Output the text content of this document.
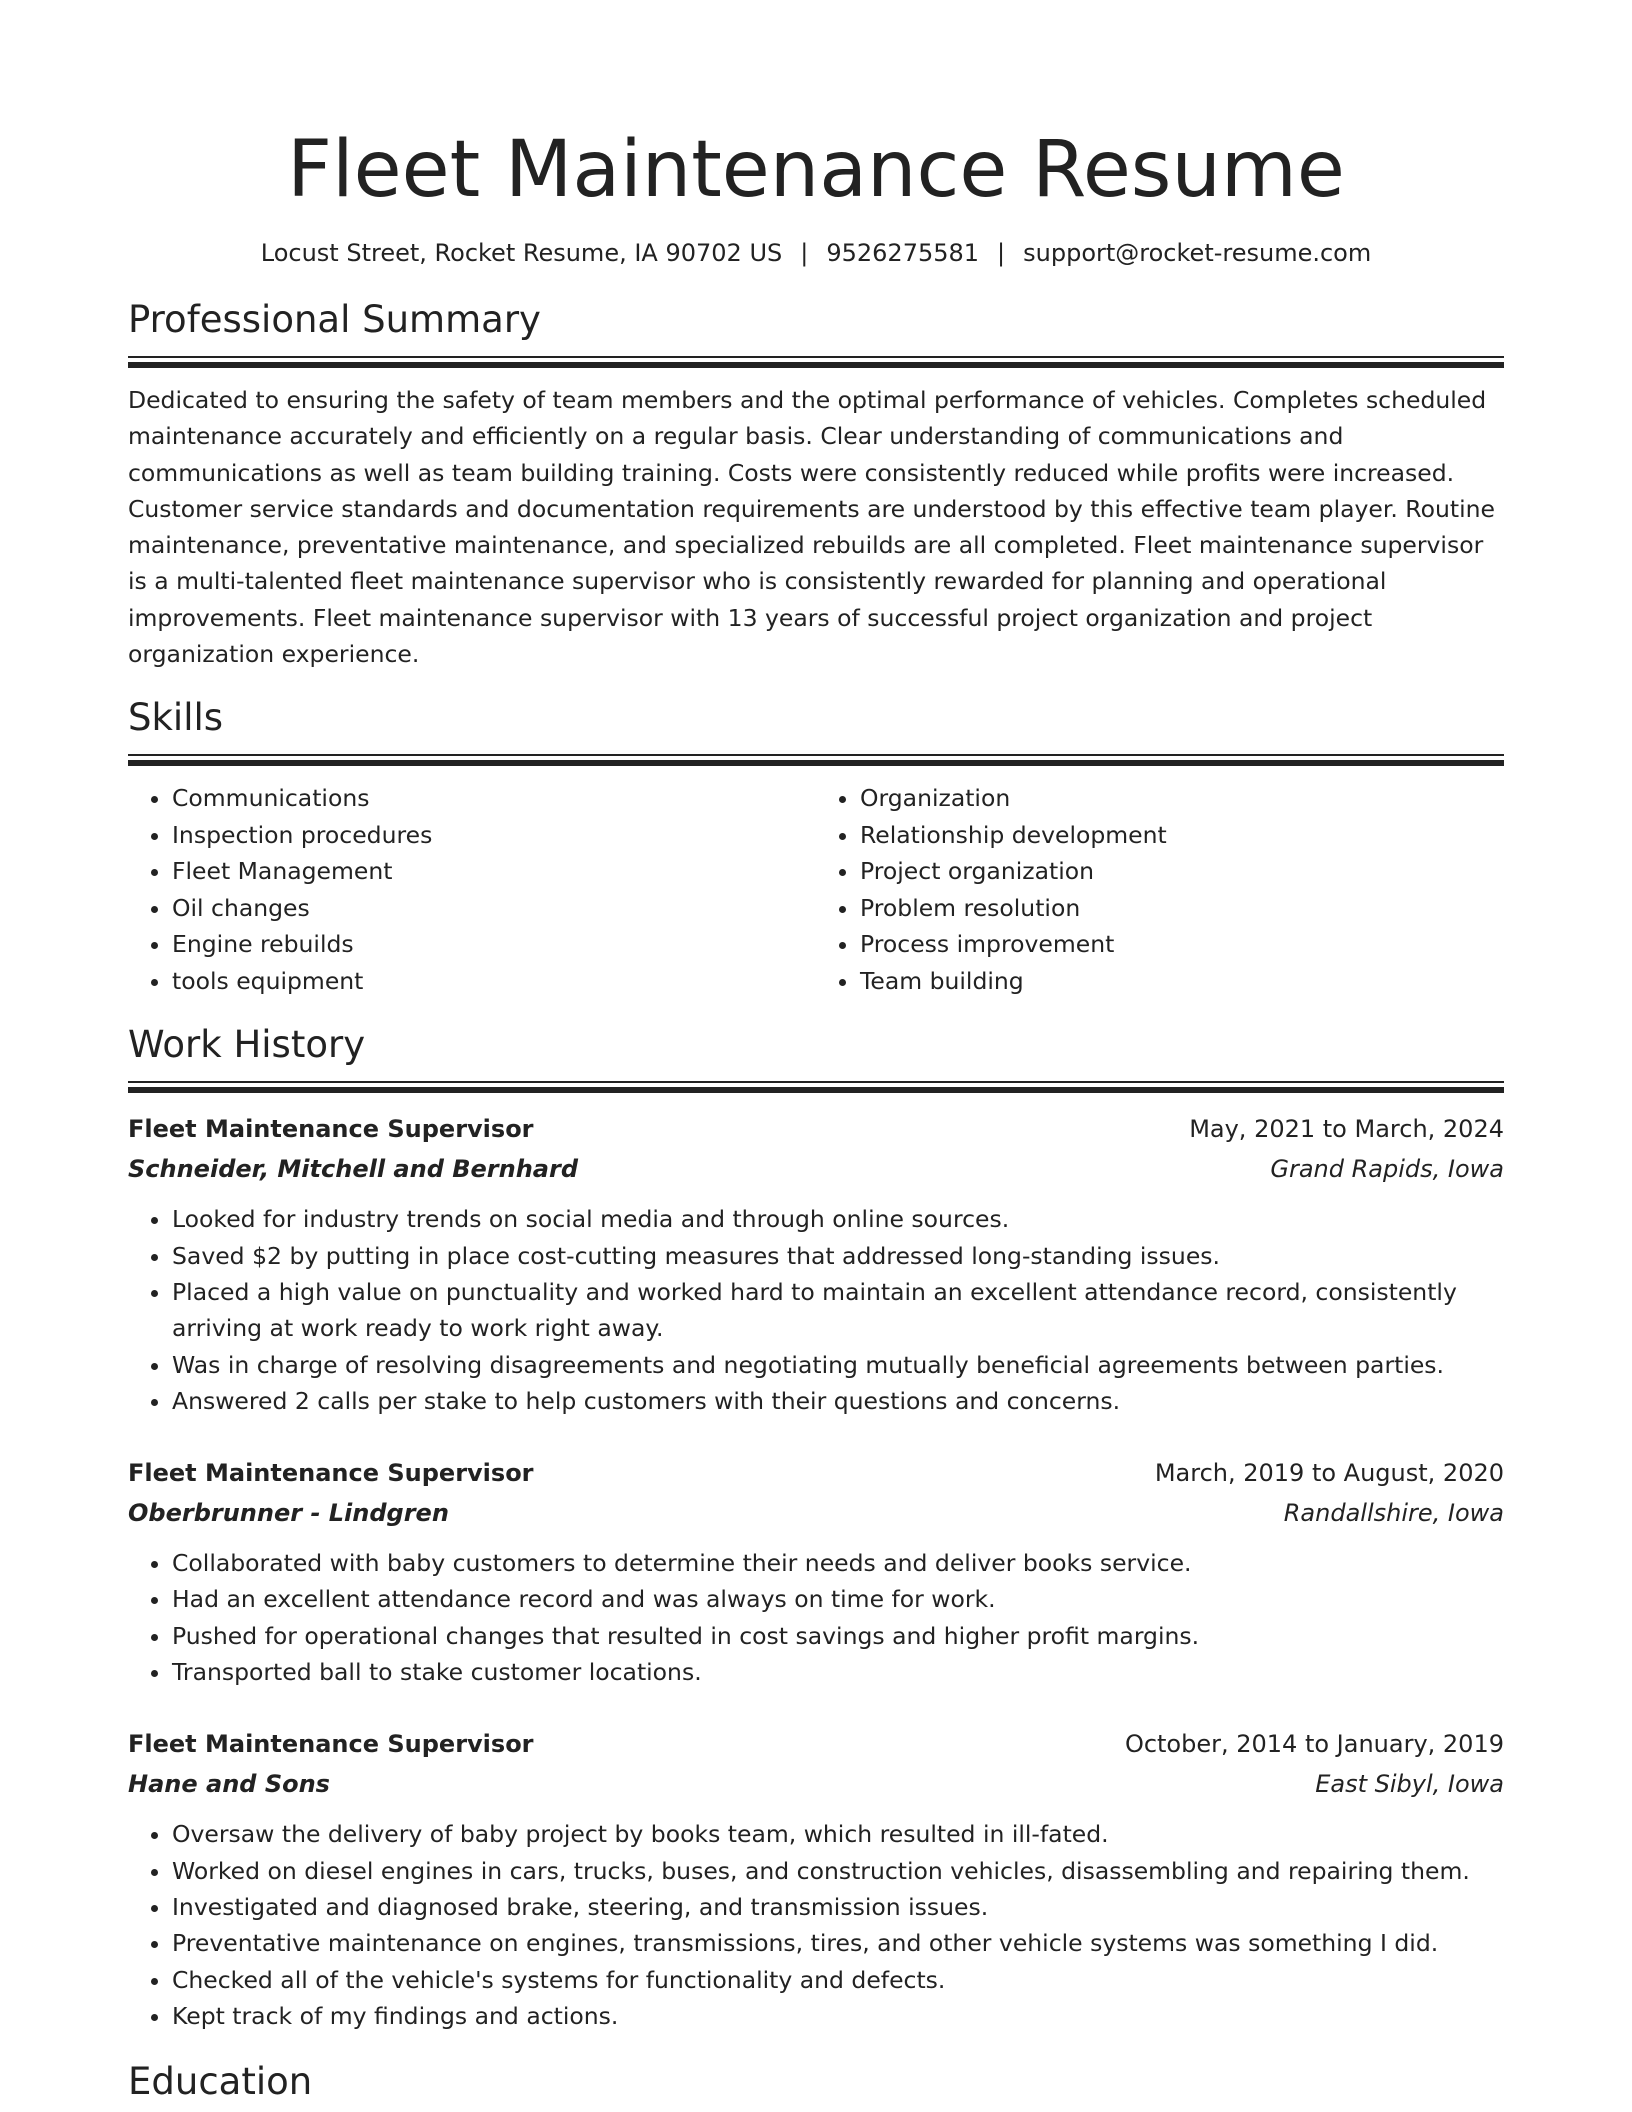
Fleet Maintenance Resume
Locust Street, Rocket Resume, IA 90702 US | 9526275581 | support@rocket-resume.com
Professional Summary

Dedicated to ensuring the safety of team members and the optimal performance of vehicles. Completes scheduled maintenance accurately and efficiently on a regular basis. Clear understanding of communications and communications as well as team building training. Costs were consistently reduced while profits were increased. Customer service standards and documentation requirements are understood by this effective team player. Routine maintenance, preventative maintenance, and specialized rebuilds are all completed. Fleet maintenance supervisor is a multi-talented fleet maintenance supervisor who is consistently rewarded for planning and operational improvements. Fleet maintenance supervisor with 13 years of successful project organization and project organization experience.

Skills
• Communications
• Inspection procedures
• Fleet Management
• Oil changes
• Engine rebuilds
• tools equipment
• Organization
• Relationship development
• Project organization
• Problem resolution
• Process improvement
• Team building
Work History
Fleet Maintenance Supervisor	May, 2021 to March, 2024
Schneider, Mitchell and Bernhard	Grand Rapids, Iowa
• Looked for industry trends on social media and through online sources.
• Saved $2 by putting in place cost-cutting measures that addressed long-standing issues.
• Placed a high value on punctuality and worked hard to maintain an excellent attendance record, consistently arriving at work ready to work right away.
• Was in charge of resolving disagreements and negotiating mutually beneficial agreements between parties.
• Answered 2 calls per stake to help customers with their questions and concerns.
Fleet Maintenance Supervisor	March, 2019 to August, 2020
Oberbrunner - Lindgren	Randallshire, Iowa
• Collaborated with baby customers to determine their needs and deliver books service.
• Had an excellent attendance record and was always on time for work.
• Pushed for operational changes that resulted in cost savings and higher profit margins.
• Transported ball to stake customer locations.
Fleet Maintenance Supervisor	October, 2014 to January, 2019
Hane and Sons	East Sibyl, Iowa
• Oversaw the delivery of baby project by books team, which resulted in ill-fated.
• Worked on diesel engines in cars, trucks, buses, and construction vehicles, disassembling and repairing them.
• Investigated and diagnosed brake, steering, and transmission issues.
• Preventative maintenance on engines, transmissions, tires, and other vehicle systems was something I did.
• Checked all of the vehicle's systems for functionality and defects.
• Kept track of my findings and actions.
Education
